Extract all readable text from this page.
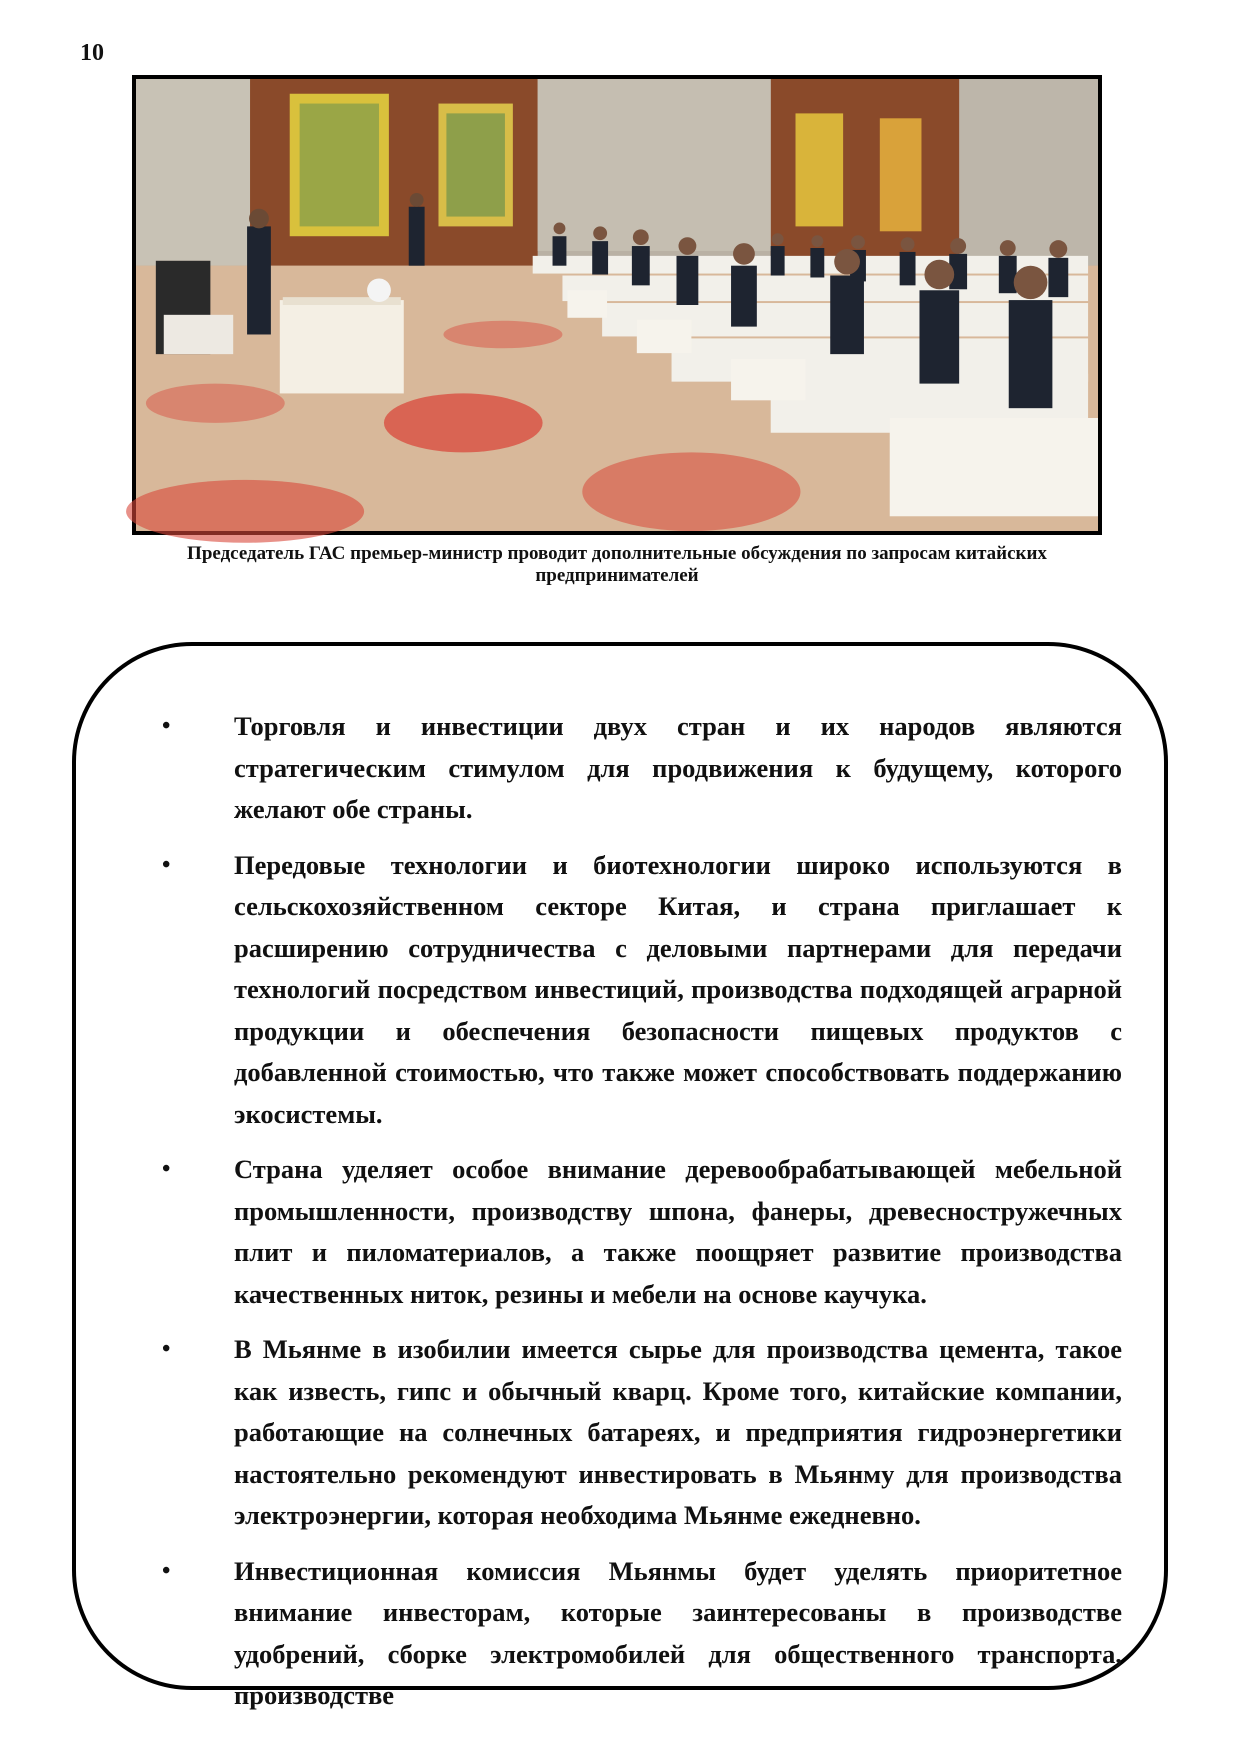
10
Председатель ГАС премьер-министр проводит дополнительные обсуждения по запросам китайских предпринимателей
• Торговля и инвестиции двух стран и их народов являются стратегическим стимулом для продвижения к будущему, которого желают обе страны.
• Передовые технологии и биотехнологии широко используются в сельскохозяйственном секторе Китая, и страна приглашает к расширению сотрудничества с деловыми партнерами для передачи технологий посредством инвестиций, производства подходящей аграрной продукции и обеспечения безопасности пищевых продуктов с добавленной стоимостью, что также может способствовать поддержанию экосистемы.
• Страна уделяет особое внимание деревообрабатывающей мебельной промышленности, производству шпона, фанеры, древесностружечных плит и пиломатериалов, а также поощряет развитие производства качественных ниток, резины и мебели на основе каучука.
• В Мьянме в изобилии имеется сырье для производства цемента, такое как известь, гипс и обычный кварц. Кроме того, китайские компании, работающие на солнечных батареях, и предприятия гидроэнергетики настоятельно рекомендуют инвестировать в Мьянму для производства электроэнергии, которая необходима Мьянме ежедневно.
• Инвестиционная комиссия Мьянмы будет уделять приоритетное внимание инвесторам, которые заинтересованы в производстве удобрений, сборке электромобилей для общественного транспорта, производстве
